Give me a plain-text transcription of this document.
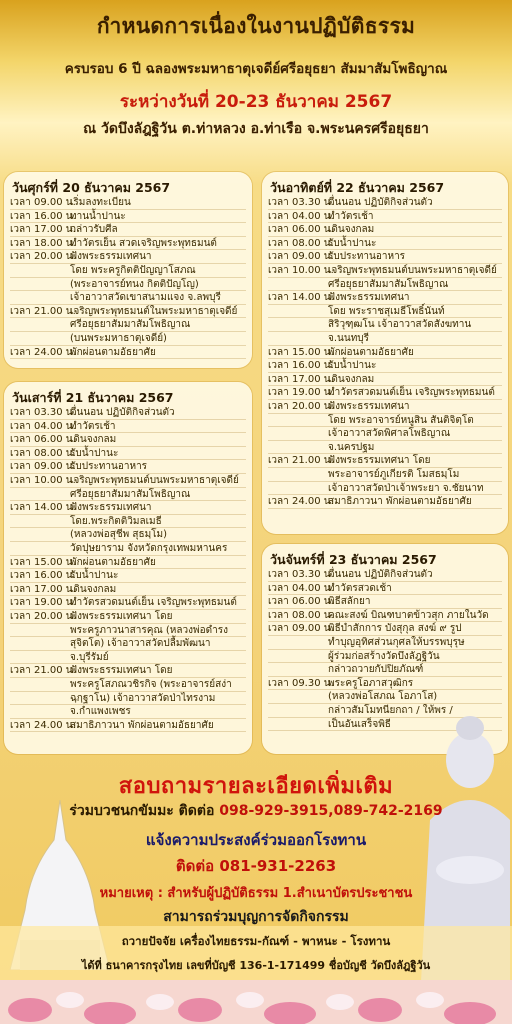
กำหนดการเนื่องในงานปฏิบัติธรรม
ครบรอบ 6 ปี ฉลองพระมหาธาตุเจดีย์ศรีอยุธยา สัมมาสัมโพธิญาณ
ระหว่างวันที่ 20-23 ธันวาคม 2567
ณ วัดบึงลัฎฐิวัน ต.ท่าหลวง อ.ท่าเรือ จ.พระนครศรีอยุธยา
วันศุกร์ที่ 20 ธันวาคม 2567
เวลา 09.00 น.เริ่มลงทะเบียน
เวลา 16.00 น.ทานน้ำปานะ
เวลา 17.00 น.กล่าวรับศีล
เวลา 18.00 น.ทำวัตรเย็น สวดเจริญพระพุทธมนต์
เวลา 20.00 น.ฟังพระธรรมเทศนา
โดย พระครูกิตติปัญญาโสภณ
(พระอาจารย์ทนง กิตติปัญโญ)
เจ้าอาวาสวัดเขาสนามแจง จ.ลพบุรี
เวลา 21.00 น.เจริญพระพุทธมนต์ในพระมหาธาตุเจดีย์
ศรีอยุธยาสัมมาสัมโพธิญาณ
(บนพระมหาธาตุเจดีย์)
เวลา 24.00 น.พักผ่อนตามอัธยาศัย
วันเสาร์ที่ 21 ธันวาคม 2567
เวลา 03.30 น.ตื่นนอน ปฏิบัติกิจส่วนตัว
เวลา 04.00 น.ทำวัตรเช้า
เวลา 06.00 น.เดินจงกลม
เวลา 08.00 น.รับน้ำปานะ
เวลา 09.00 น.รับประทานอาหาร
เวลา 10.00 น.เจริญพระพุทธมนต์บนพระมหาธาตุเจดีย์
ศรีอยุธยาสัมมาสัมโพธิญาณ
เวลา 14.00 น.ฟังพระธรรมเทศนา
โดย.พระกิตติวิมลเมธี
(หลวงพ่อสุชีพ สุธมฺโม)
วัดปุษยาราม จังหวัดกรุงเทพมหานคร
เวลา 15.00 น.พักผ่อนตามอัธยาศัย
เวลา 16.00 น.รับน้ำปานะ
เวลา 17.00 น.เดินจงกลม
เวลา 19.00 น.ทำวัตรสวดมนต์เย็น เจริญพระพุทธมนต์
เวลา 20.00 น.ฟังพระธรรมเทศนา โดย
พระครูภาวนาสารคุณ (หลวงพ่อดำรง
สุจิตโต) เจ้าอาวาสวัดปลื้มพัฒนา
จ.บุรีรัมย์
เวลา 21.00 น.ฟังพระธรรมเทศนา โดย
พระครูโสภณวชิรกิจ (พระอาจารย์สง่า
ฉฺกฺฐาโน) เจ้าอาวาสวัดป่าไทรงาม
จ.กำแพงเพชร
เวลา 24.00 น.สมาธิภาวนา พักผ่อนตามอัธยาศัย
วันอาทิตย์ที่ 22 ธันวาคม 2567
เวลา 03.30 น.ตื่นนอน ปฏิบัติกิจส่วนตัว
เวลา 04.00 น.ทำวัตรเช้า
เวลา 06.00 น.เดินจงกลม
เวลา 08.00 น.รับน้ำปานะ
เวลา 09.00 น.รับประทานอาหาร
เวลา 10.00 น.เจริญพระพุทธมนต์บนพระมหาธาตุเจดีย์
ศรีอยุธยาสัมมาสัมโพธิญาณ
เวลา 14.00 น.ฟังพระธรรมเทศนา
โดย พระราชสุเมธีโพธิ์นันท์
สิริวุฑฺฒโน เจ้าอาวาสวัดสังฆทาน
จ.นนทบุรี
เวลา 15.00 น.พักผ่อนตามอัธยาศัย
เวลา 16.00 น.รับน้ำปานะ
เวลา 17.00 น.เดินจงกลม
เวลา 19.00 น.ทำวัตรสวดมนต์เย็น เจริญพระพุทธมนต์
เวลา 20.00 น.ฟังพระธรรมเทศนา
โดย พระอาจารย์หนูสิน สันติจิตฺโต
เจ้าอาวาสวัดพิศาลโพธิญาณ
จ.นครปฐม
เวลา 21.00 น.ฟังพระธรรมเทศนา โดย
พระอาจารย์ภูเกียรติ โมสธมฺโม
เจ้าอาวาสวัดป่าเจ้าพระยา จ.ชัยนาท
เวลา 24.00 น.สมาธิภาวนา พักผ่อนตามอัธยาศัย
วันจันทร์ที่ 23 ธันวาคม 2567
เวลา 03.30 น.ตื่นนอน ปฏิบัติกิจส่วนตัว
เวลา 04.00 น.ทำวัตรสวดเช้า
เวลา 06.00 น.พิธีสลักยา
เวลา 08.00 น.คณะสงฆ์ บิณฑบาตข้าวสุก ภายในวัด
เวลา 09.00 น.พิธีบำสักการ บังสุกุล สงฆ์ ๙ รูป
ทำบุญอุทิศส่วนกุศลให้บรรพบุรุษ
ผู้ร่วมก่อสร้างวัดบึงลัฎฐิวัน
กล่าวถวายกัปปิยภัณฑ์
เวลา 09.30 น.พระครูโอภาสวุฒิกร
(หลวงพ่อโสภณ โอภาโส)
กล่าวสัมโมทนียกถา / ให้พร /
เป็นอันเสร็จพิธี
สอบถามรายละเอียดเพิ่มเติม
ร่วมบวชนกขัมมะ ติดต่อ 098-929-3915,089-742-2169
แจ้งความประสงค์ร่วมออกโรงทาน
ติดต่อ 081-931-2263
หมายเหตุ : สำหรับผู้ปฏิบัติธรรม 1.สำเนาบัตรประชาชน
สามารถร่วมบุญการจัดกิจกรรม
ถวายปัจจัย เครื่องไทยธรรม-กัณฑ์ - พาหนะ - โรงทาน
ได้ที่ ธนาคารกรุงไทย เลขที่บัญชี 136-1-171499 ชื่อบัญชี วัดบึงลัฎฐิวัน
